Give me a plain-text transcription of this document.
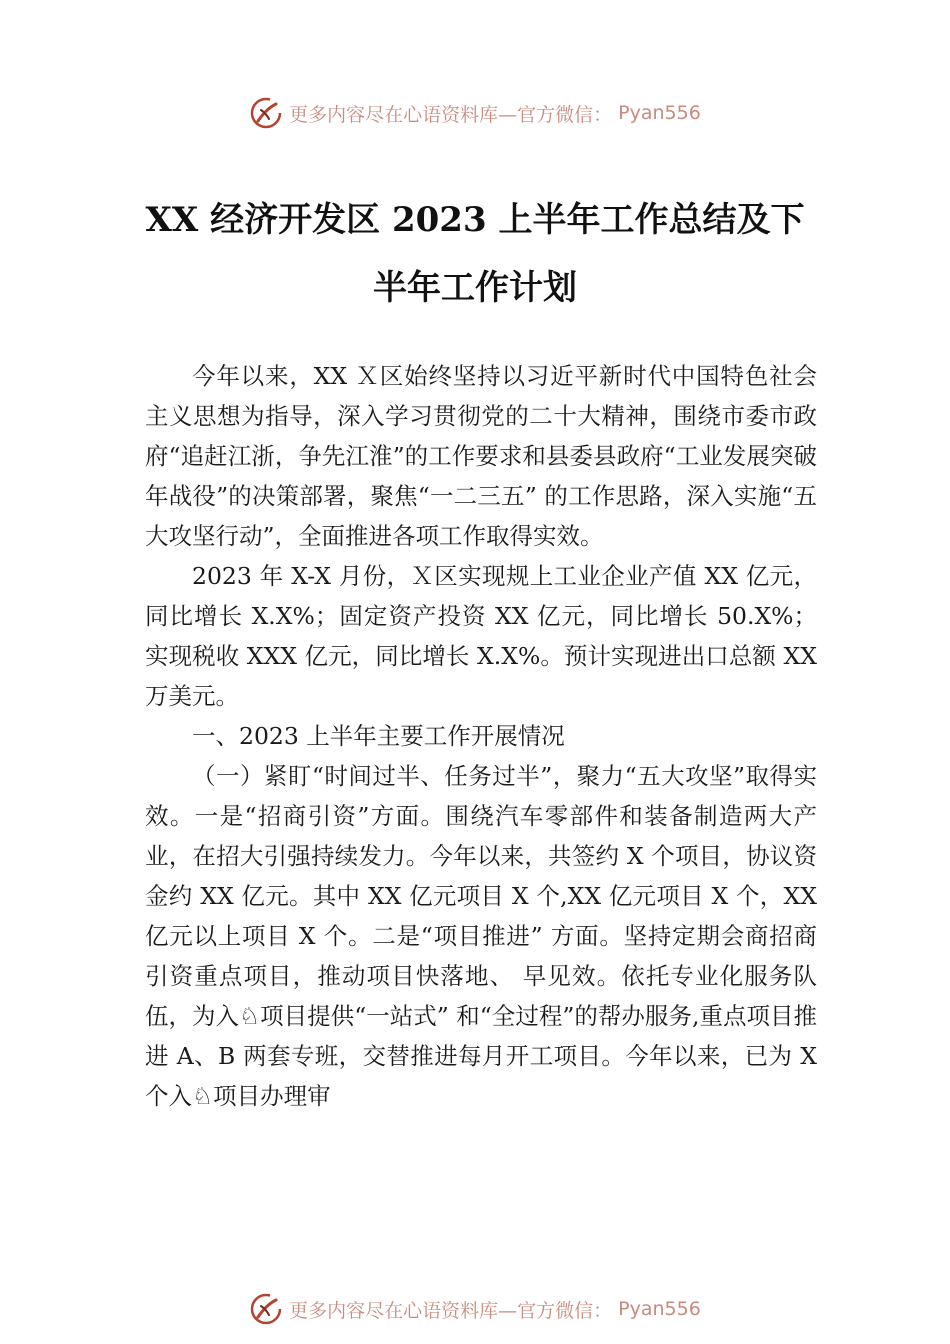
更多内容尽在心语资料库—官方微信： Pyan556
XX 经济开发区 2023 上半年工作总结及下
半年工作计划

今年以来，XX Ｘ区始终坚持以习近平新时代中国特色社会主义思想为指导，深入学习贯彻党的二十大精神，围绕市委市政府“追赶江浙，争先江淮”的工作要求和县委县政府“工业发展突破年战役”的决策部署，聚焦“一二三五” 的工作思路，深入实施“五大攻坚行动”，全面推进各项工作取得实效。

2023 年 X-X 月份，Ｘ区实现规上工业企业产值 XX 亿元，同比增长 X.X%；固定资产投资 XX 亿元，同比增长 50.X%；实现税收 XXX 亿元，同比增长 X.X%。预计实现进出口总额 XX 万美元。

一、2023 上半年主要工作开展情况

（一）紧盯“时间过半、任务过半”，聚力“五大攻坚”取得实效。一是“招商引资”方面。围绕汽车零部件和装备制造两大产业，在招大引强持续发力。今年以来，共签约 X 个项目，协议资金约 XX 亿元。其中 XX 亿元项目 X 个,XX 亿元项目 X 个，XX 亿元以上项目 X 个。二是“项目推进” 方面。坚持定期会商招商引资重点项目，推动项目快落地、 早见效。依托专业化服务队伍，为入♘项目提供“一站式” 和“全过程”的帮办服务,重点项目推进 A、B 两套专班，交替推进每月开工项目。今年以来，已为 X 个入♘项目办理审

更多内容尽在心语资料库—官方微信： Pyan556
